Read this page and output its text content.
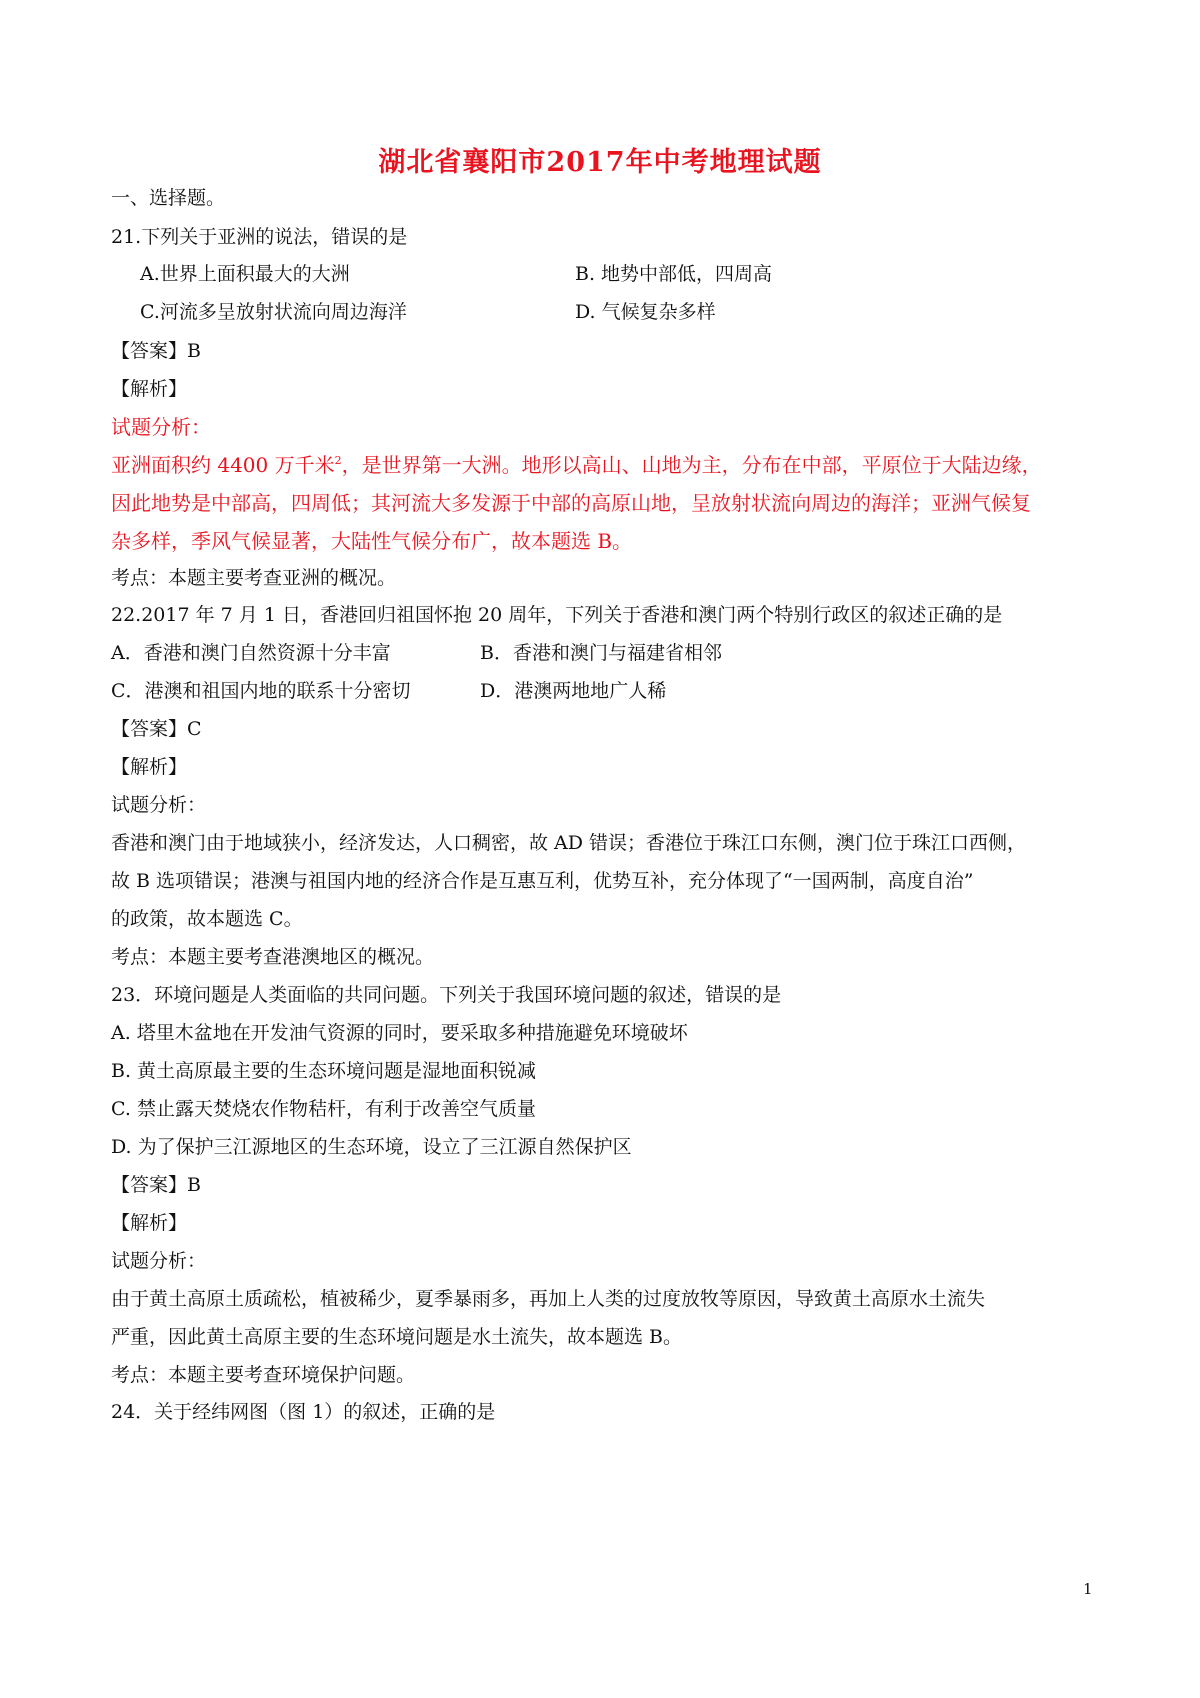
湖北省襄阳市2017年中考地理试题
一、选择题。
21.下列关于亚洲的说法，错误的是
A.世界上面积最大的大洲	B. 地势中部低，四周高
C.河流多呈放射状流向周边海洋	D. 气候复杂多样
【答案】B
【解析】
试题分析：
亚洲面积约 4400 万千米$^2$，是世界第一大洲。地形以高山、山地为主，分布在中部，平原位于大陆边缘，
因此地势是中部高，四周低；其河流大多发源于中部的高原山地，呈放射状流向周边的海洋；亚洲气候复
杂多样，季风气候显著，大陆性气候分布广，故本题选 B。
考点：本题主要考查亚洲的概况。
22.2017 年 7 月 1 日，香港回归祖国怀抱 20 周年，下列关于香港和澳门两个特别行政区的叙述正确的是
A．香港和澳门自然资源十分丰富	B．香港和澳门与福建省相邻
C．港澳和祖国内地的联系十分密切	D．港澳两地地广人稀
【答案】C
【解析】
试题分析：
香港和澳门由于地域狭小，经济发达，人口稠密，故 AD 错误；香港位于珠江口东侧，澳门位于珠江口西侧，
故 B 选项错误；港澳与祖国内地的经济合作是互惠互利，优势互补，充分体现了“一国两制，高度自治”
的政策，故本题选 C。
考点：本题主要考查港澳地区的概况。
23．环境问题是人类面临的共同问题。下列关于我国环境问题的叙述，错误的是
A. 塔里木盆地在开发油气资源的同时，要采取多种措施避免环境破坏
B. 黄土高原最主要的生态环境问题是湿地面积锐减
C. 禁止露天焚烧农作物秸杆，有利于改善空气质量
D. 为了保护三江源地区的生态环境，设立了三江源自然保护区
【答案】B
【解析】
试题分析：
由于黄土高原土质疏松，植被稀少，夏季暴雨多，再加上人类的过度放牧等原因，导致黄土高原水土流失
严重，因此黄土高原主要的生态环境问题是水土流失，故本题选 B。
考点：本题主要考查环境保护问题。
24．关于经纬网图（图 1）的叙述，正确的是
1
